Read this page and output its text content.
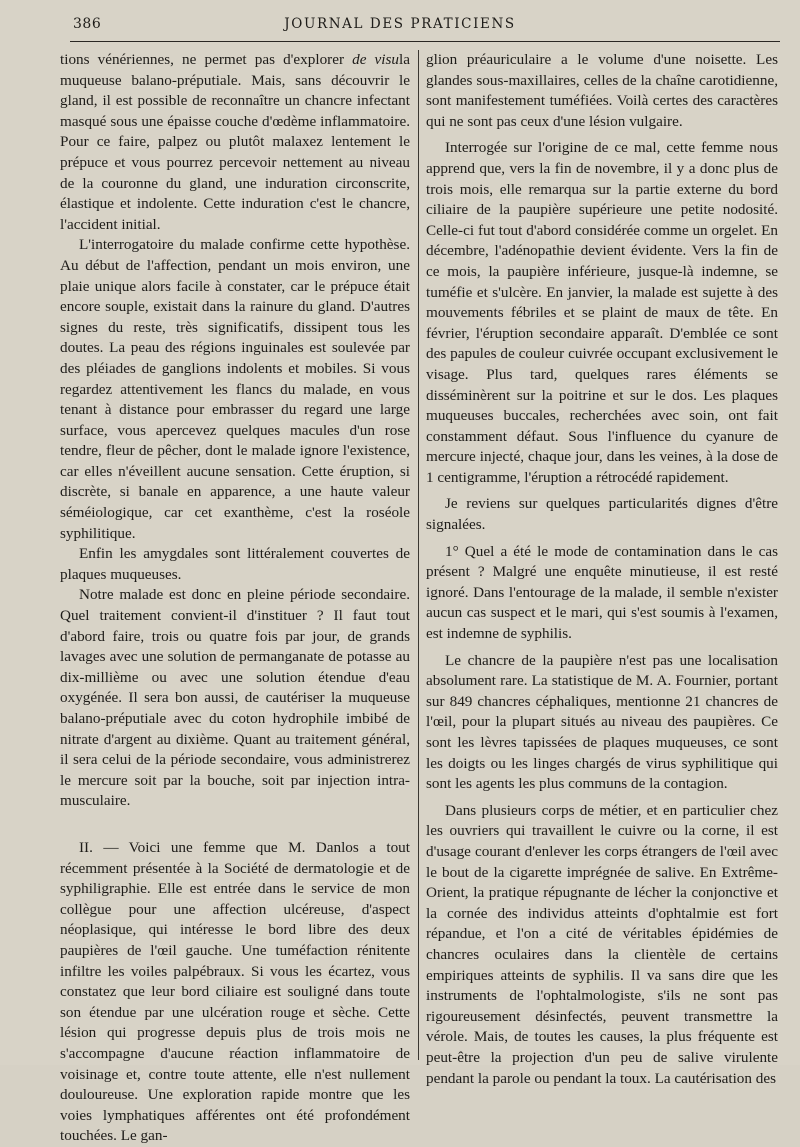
386	JOURNAL DES PRATICIENS

tions vénériennes, ne permet pas d'explorer de visula muqueuse balano-préputiale. Mais, sans découvrir le gland, il est possible de reconnaître un chancre infectant masqué sous une épaisse couche d'œdème inflammatoire. Pour ce faire, palpez ou plutôt malaxez lentement le prépuce et vous pourrez percevoir nettement au niveau de la couronne du gland, une induration circonscrite, élastique et indolente. Cette induration c'est le chancre, l'accident initial.

L'interrogatoire du malade confirme cette hypothèse. Au début de l'affection, pendant un mois environ, une plaie unique alors facile à constater, car le prépuce était encore souple, existait dans la rainure du gland. D'autres signes du reste, très significatifs, dissipent tous les doutes. La peau des régions inguinales est soulevée par des pléiades de ganglions indolents et mobiles. Si vous regardez attentivement les flancs du malade, en vous tenant à distance pour embrasser du regard une large surface, vous apercevez quelques macules d'un rose tendre, fleur de pêcher, dont le malade ignore l'existence, car elles n'éveillent aucune sensation. Cette éruption, si discrète, si banale en apparence, a une haute valeur séméiologique, car cet exanthème, c'est la roséole syphilitique.

Enfin les amygdales sont littéralement couvertes de plaques muqueuses.

Notre malade est donc en pleine période secondaire. Quel traitement convient-il d'instituer ? Il faut tout d'abord faire, trois ou quatre fois par jour, de grands lavages avec une solution de permanganate de potasse au dix-millième ou avec une solution étendue d'eau oxygénée. Il sera bon aussi, de cautériser la muqueuse balano-préputiale avec du coton hydrophile imbibé de nitrate d'argent au dixième. Quant au traitement général, il sera celui de la période secondaire, vous administrerez le mercure soit par la bouche, soit par injection intra-musculaire.

II. — Voici une femme que M. Danlos a tout récemment présentée à la Société de dermatologie et de syphiligraphie. Elle est entrée dans le service de mon collègue pour une affection ulcéreuse, d'aspect néoplasique, qui intéresse le bord libre des deux paupières de l'œil gauche. Une tuméfaction rénitente infiltre les voiles palpébraux. Si vous les écartez, vous constatez que leur bord ciliaire est souligné dans toute son étendue par une ulcération rouge et sèche. Cette lésion qui progresse depuis plus de trois mois ne s'accompagne d'aucune réaction inflammatoire de voisinage et, contre toute attente, elle n'est nullement douloureuse. Une exploration rapide montre que les voies lymphatiques afférentes ont été profondément touchées. Le gan-

glion préauriculaire a le volume d'une noisette. Les glandes sous-maxillaires, celles de la chaîne carotidienne, sont manifestement tuméfiées. Voilà certes des caractères qui ne sont pas ceux d'une lésion vulgaire.

Interrogée sur l'origine de ce mal, cette femme nous apprend que, vers la fin de novembre, il y a donc plus de trois mois, elle remarqua sur la partie externe du bord ciliaire de la paupière supérieure une petite nodosité. Celle-ci fut tout d'abord considérée comme un orgelet. En décembre, l'adénopathie devient évidente. Vers la fin de ce mois, la paupière inférieure, jusque-là indemne, se tuméfie et s'ulcère. En janvier, la malade est sujette à des mouvements fébriles et se plaint de maux de tête. En février, l'éruption secondaire apparaît. D'emblée ce sont des papules de couleur cuivrée occupant exclusivement le visage. Plus tard, quelques rares éléments se disséminèrent sur la poitrine et sur le dos. Les plaques muqueuses buccales, recherchées avec soin, ont fait constamment défaut. Sous l'influence du cyanure de mercure injecté, chaque jour, dans les veines, à la dose de 1 centigramme, l'éruption a rétrocédé rapidement.

Je reviens sur quelques particularités dignes d'être signalées.

1° Quel a été le mode de contamination dans le cas présent ? Malgré une enquête minutieuse, il est resté ignoré. Dans l'entourage de la malade, il semble n'exister aucun cas suspect et le mari, qui s'est soumis à l'examen, est indemne de syphilis.

Le chancre de la paupière n'est pas une localisation absolument rare. La statistique de M. A. Fournier, portant sur 849 chancres céphaliques, mentionne 21 chancres de l'œil, pour la plupart situés au niveau des paupières. Ce sont les lèvres tapissées de plaques muqueuses, ce sont les doigts ou les linges chargés de virus syphilitique qui sont les agents les plus communs de la contagion.

Dans plusieurs corps de métier, et en particulier chez les ouvriers qui travaillent le cuivre ou la corne, il est d'usage courant d'enlever les corps étrangers de l'œil avec le bout de la cigarette imprégnée de salive. En Extrême-Orient, la pratique répugnante de lécher la conjonctive et la cornée des individus atteints d'ophtalmie est fort répandue, et l'on a cité de véritables épidémies de chancres oculaires dans la clientèle de certains empiriques atteints de syphilis. Il va sans dire que les instruments de l'ophtalmologiste, s'ils ne sont pas rigoureusement désinfectés, peuvent transmettre la vérole. Mais, de toutes les causes, la plus fréquente est peut-être la projection d'un peu de salive virulente pendant la parole ou pendant la toux. La cautérisation des
